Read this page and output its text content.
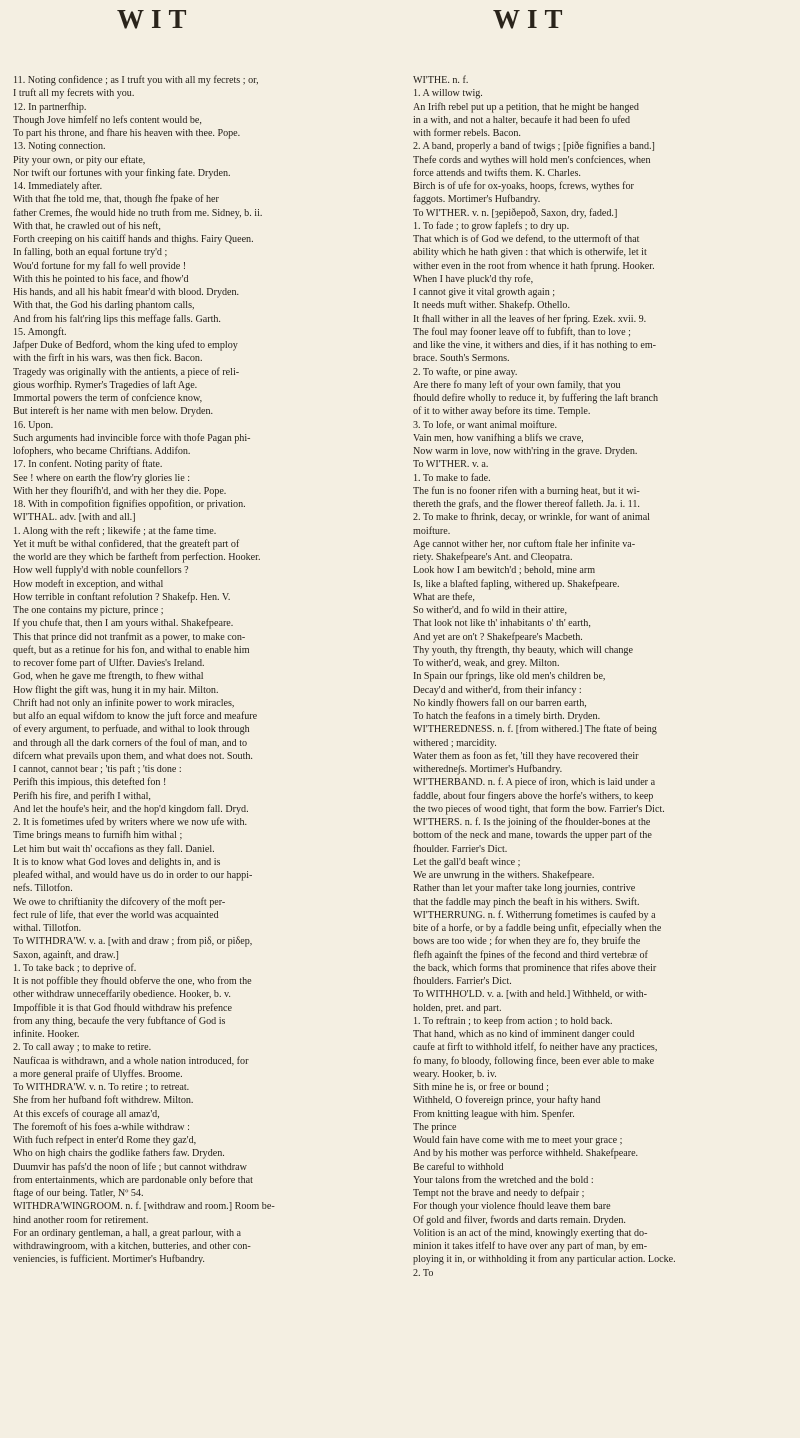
WIT	WIT

11. Noting confidence ; as I truft you with all my fecrets ; or,

I truft all my fecrets with you.

12. In partnerfhip.

Though Jove himfelf no lefs content would be,

To part his throne, and fhare his heaven with thee. Pope.

13. Noting connection.

Pity your own, or pity our eftate,

Nor twift our fortunes with your finking fate. Dryden.

14. Immediately after.

With that fhe told me, that, though fhe fpake of her

father Cremes, fhe would hide no truth from me. Sidney, b. ii.

With that, he crawled out of his neft,

Forth creeping on his caitiff hands and thighs. Fairy Queen.

In falling, both an equal fortune try'd ;

Wou'd fortune for my fall fo well provide !

With this he pointed to his face, and fhow'd

His hands, and all his habit fmear'd with blood. Dryden.

With that, the God his darling phantom calls,

And from his falt'ring lips this meffage falls. Garth.

15. Amongft.

Jafper Duke of Bedford, whom the king ufed to employ

with the firft in his wars, was then fick. Bacon.

Tragedy was originally with the antients, a piece of reli-

gious worfhip. Rymer's Tragedies of laft Age.

Immortal powers the term of confcience know,

But intereft is her name with men below. Dryden.

16. Upon.

Such arguments had invincible force with thofe Pagan phi-

lofophers, who became Chriftians. Addifon.

17. In confent. Noting parity of ftate.

See ! where on earth the flow'ry glories lie :

With her they flourifh'd, and with her they die. Pope.

18. With in compofition fignifies oppofition, or privation.

WI'THAL. adv. [with and all.]

1. Along with the reft ; likewife ; at the fame time.

Yet it muft be withal confidered, that the greateft part of

the world are they which be fartheft from perfection. Hooker.

How well fupply'd with noble counfellors ?

How modeft in exception, and withal

How terrible in conftant refolution ? Shakefp. Hen. V.

The one contains my picture, prince ;

If you chufe that, then I am yours withal. Shakefpeare.

This that prince did not tranfmit as a power, to make con-

queft, but as a retinue for his fon, and withal to enable him

to recover fome part of Ulfter. Davies's Ireland.

God, when he gave me ftrength, to fhew withal

How flight the gift was, hung it in my hair. Milton.

Chrift had not only an infinite power to work miracles,

but alfo an equal wifdom to know the juft force and meafure

of every argument, to perfuade, and withal to look through

and through all the dark corners of the foul of man, and to

difcern what prevails upon them, and what does not. South.

I cannot, cannot bear ; 'tis paft ; 'tis done :

Perifh this impious, this detefted fon !

Perifh his fire, and perifh I withal,

And let the houfe's heir, and the hop'd kingdom fall. Dryd.

2. It is fometimes ufed by writers where we now ufe with.

Time brings means to furnifh him withal ;

Let him but wait th' occafions as they fall. Daniel.

It is to know what God loves and delights in, and is

pleafed withal, and would have us do in order to our happi-

nefs. Tillotfon.

We owe to chriftianity the difcovery of the moft per-

fect rule of life, that ever the world was acquainted

withal. Tillotfon.

To WITHDRA'W. v. a. [with and draw ; from piδ, or piδep,

Saxon, againft, and draw.]

1. To take back ; to deprive of.

It is not poffible they fhould obferve the one, who from the

other withdraw unneceffarily obedience. Hooker, b. v.

Impoffible it is that God fhould withdraw his prefence

from any thing, becaufe the very fubftance of God is

infinite. Hooker.

2. To call away ; to make to retire.

Naufícaa is withdrawn, and a whole nation introduced, for

a more general praife of Ulyffes. Broome.

To WITHDRA'W. v. n. To retire ; to retreat.

She from her hufband foft withdrew. Milton.

At this excefs of courage all amaz'd,

The foremoft of his foes a-while withdraw :

With fuch refpect in enter'd Rome they gaz'd,

Who on high chairs the godlike fathers faw. Dryden.

Duumvir has pafs'd the noon of life ; but cannot withdraw

from entertainments, which are pardonable only before that

ftage of our being. Tatler, Nº 54.

WITHDRA'WINGROOM. n. f. [withdraw and room.] Room be-

hind another room for retirement.

For an ordinary gentleman, a hall, a great parlour, with a

withdrawingroom, with a kitchen, butteries, and other con-

veniencies, is fufficient. Mortimer's Hufbandry.

WI'THE. n. f.

1. A willow twig.

An Irifh rebel put up a petition, that he might be hanged

in a with, and not a halter, becaufe it had been fo ufed

with former rebels. Bacon.

2. A band, properly a band of twigs ; [piðe fignifies a band.]

Thefe cords and wythes will hold men's confciences, when

force attends and twifts them. K. Charles.

Birch is of ufe for ox-yoaks, hoops, fcrews, wythes for

faggots. Mortimer's Hufbandry.

To WI'THER. v. n. [ȝepiðepoð, Saxon, dry, faded.]

1. To fade ; to grow faplefs ; to dry up.

That which is of God we defend, to the uttermoft of that

ability which he hath given : that which is otherwife, let it

wither even in the root from whence it hath fprung. Hooker.

When I have pluck'd thy rofe,

I cannot give it vital growth again ;

It needs muft wither. Shakefp. Othello.

It fhall wither in all the leaves of her fpring. Ezek. xvii. 9.

The foul may fooner leave off to fubfift, than to love ;

and like the vine, it withers and dies, if it has nothing to em-

brace. South's Sermons.

2. To wafte, or pine away.

Are there fo many left of your own family, that you

fhould defire wholly to reduce it, by fuffering the laft branch

of it to wither away before its time. Temple.

3. To lofe, or want animal moifture.

Vain men, how vanifhing a blifs we crave,

Now warm in love, now with'ring in the grave. Dryden.

To WI'THER. v. a.

1. To make to fade.

The fun is no fooner rifen with a burning heat, but it wi-

thereth the grafs, and the flower thereof falleth. Ja. i. 11.

2. To make to fhrink, decay, or wrinkle, for want of animal

moifture.

Age cannot wither her, nor cuftom ftale her infinite va-

riety. Shakefpeare's Ant. and Cleopatra.

Look how I am bewitch'd ; behold, mine arm

Is, like a blafted fapling, withered up. Shakefpeare.

What are thefe,

So wither'd, and fo wild in their attire,

That look not like th' inhabitants o' th' earth,

And yet are on't ? Shakefpeare's Macbeth.

Thy youth, thy ftrength, thy beauty, which will change

To wither'd, weak, and grey. Milton.

In Spain our fprings, like old men's children be,

Decay'd and wither'd, from their infancy :

No kindly fhowers fall on our barren earth,

To hatch the feafons in a timely birth. Dryden.

WI'THEREDNESS. n. f. [from withered.] The ftate of being

withered ; marcidity.

Water them as foon as fet, 'till they have recovered their

witheredne∫s. Mortimer's Hufbandry.

WI'THERBAND. n. f. A piece of iron, which is laid under a

faddle, about four fingers above the horfe's withers, to keep

the two pieces of wood tight, that form the bow. Farrier's Dict.

WI'THERS. n. f. Is the joining of the fhoulder-bones at the

bottom of the neck and mane, towards the upper part of the

fhoulder. Farrier's Dict.

Let the gall'd beaft wince ;

We are unwrung in the withers. Shakefpeare.

Rather than let your mafter take long journies, contrive

that the faddle may pinch the beaft in his withers. Swift.

WI'THERRUNG. n. f. Witherrung fometimes is caufed by a

bite of a horfe, or by a faddle being unfit, efpecially when the

bows are too wide ; for when they are fo, they bruife the

flefh againft the fpines of the fecond and third vertebræ of

the back, which forms that prominence that rifes above their

fhoulders. Farrier's Dict.

To WITHHO'LD. v. a. [with and held.] Withheld, or with-

holden, pret. and part.

1. To reftrain ; to keep from action ; to hold back.

That hand, which as no kind of imminent danger could

caufe at firft to withhold itfelf, fo neither have any practices,

fo many, fo bloody, following fince, been ever able to make

weary. Hooker, b. iv.

Sith mine he is, or free or bound ;

Withheld, O fovereign prince, your hafty hand

From knitting league with him. Spenfer.

The prince

Would fain have come with me to meet your grace ;

And by his mother was perforce withheld. Shakefpeare.

Be careful to withhold

Your talons from the wretched and the bold :

Tempt not the brave and needy to defpair ;

For though your violence fhould leave them bare

Of gold and filver, fwords and darts remain. Dryden.

Volition is an act of the mind, knowingly exerting that do-

minion it takes itfelf to have over any part of man, by em-

ploying it in, or withholding it from any particular action. Locke.

2. To
